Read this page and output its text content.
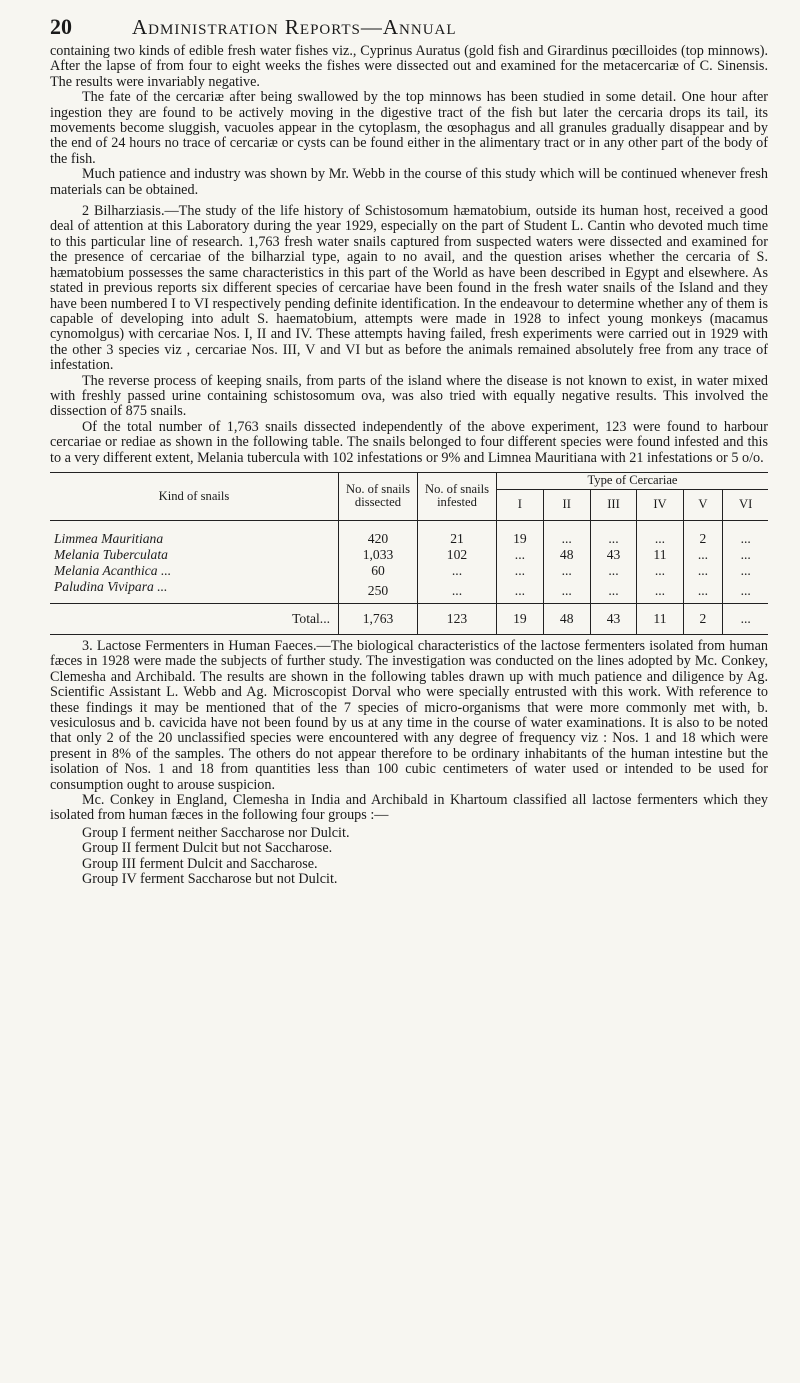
20	Administration Reports—Annual

containing two kinds of edible fresh water fishes viz., Cyprinus Auratus (gold fish and Girardinus pœcilloides (top minnows). After the lapse of from four to eight weeks the fishes were dissected out and examined for the metacercariæ of C. Sinensis. The results were invariably negative.

The fate of the cercariæ after being swallowed by the top minnows has been studied in some detail. One hour after ingestion they are found to be actively moving in the digestive tract of the fish but later the cercaria drops its tail, its movements become sluggish, vacuoles appear in the cytoplasm, the œsophagus and all granules gradually disappear and by the end of 24 hours no trace of cercariæ or cysts can be found either in the alimentary tract or in any other part of the body of the fish.

Much patience and industry was shown by Mr. Webb in the course of this study which will be continued whenever fresh materials can be obtained.

2 Bilharziasis.—The study of the life history of Schistosomum hæmatobium, outside its human host, received a good deal of attention at this Laboratory during the year 1929, especially on the part of Student L. Cantin who devoted much time to this particular line of research. 1,763 fresh water snails captured from suspected waters were dissected and examined for the presence of cercariae of the bilharzial type, again to no avail, and the question arises whether the cercaria of S. hæmatobium possesses the same characteristics in this part of the World as have been described in Egypt and elsewhere. As stated in previous reports six different species of cercariae have been found in the fresh water snails of the Island and they have been numbered I to VI respectively pending definite identification. In the endeavour to determine whether any of them is capable of developing into adult S. haematobium, attempts were made in 1928 to infect young monkeys (macamus cynomolgus) with cercariae Nos. I, II and IV. These attempts having failed, fresh experiments were carried out in 1929 with the other 3 species viz , cercariae Nos. III, V and VI but as before the animals remained absolutely free from any trace of infestation.

The reverse process of keeping snails, from parts of the island where the disease is not known to exist, in water mixed with freshly passed urine containing schistosomum ova, was also tried with equally negative results. This involved the dissection of 875 snails.

Of the total number of 1,763 snails dissected independently of the above experiment, 123 were found to harbour cercariae or rediae as shown in the following table. The snails belonged to four different species were found infested and this to a very different extent, Melania tubercula with 102 infestations or 9% and Limnea Mauritiana with 21 infestations or 5 o/o.

Kind of snails	No. of snails dissected	No. of snails infested	Type of Cercariae					
			I	II	III	IV	V	VI
Limmea Mauritiana	420	21	19	...	...	...	2	...
Melania Tuberculata	1,033	102	...	48	43	11	...	...
Melania Acanthica ...	60	...	...	...	...	...	...	...
Paludina Vivipara ...	250	...	...	...	...	...	...	...
Total...	1,763	123	19	48	43	11	2	...

3. Lactose Fermenters in Human Faeces.—The biological characteristics of the lactose fermenters isolated from human fæces in 1928 were made the subjects of further study. The investigation was conducted on the lines adopted by Mc. Conkey, Clemesha and Archibald. The results are shown in the following tables drawn up with much patience and diligence by Ag. Scientific Assistant L. Webb and Ag. Microscopist Dorval who were specially entrusted with this work. With reference to these findings it may be mentioned that of the 7 species of micro-organisms that were more commonly met with, b. vesiculosus and b. cavicida have not been found by us at any time in the course of water examinations. It is also to be noted that only 2 of the 20 unclassified species were encountered with any degree of frequency viz : Nos. 1 and 18 which were present in 8% of the samples. The others do not appear therefore to be ordinary inhabitants of the human intestine but the isolation of Nos. 1 and 18 from quantities less than 100 cubic centimeters of water used or intended to be used for consumption ought to arouse suspicion.

Mc. Conkey in England, Clemesha in India and Archibald in Khartoum classified all lactose fermenters which they isolated from human fæces in the following four groups :—

Group I ferment neither Saccharose nor Dulcit.
Group II ferment Dulcit but not Saccharose.
Group III ferment Dulcit and Saccharose.
Group IV ferment Saccharose but not Dulcit.
